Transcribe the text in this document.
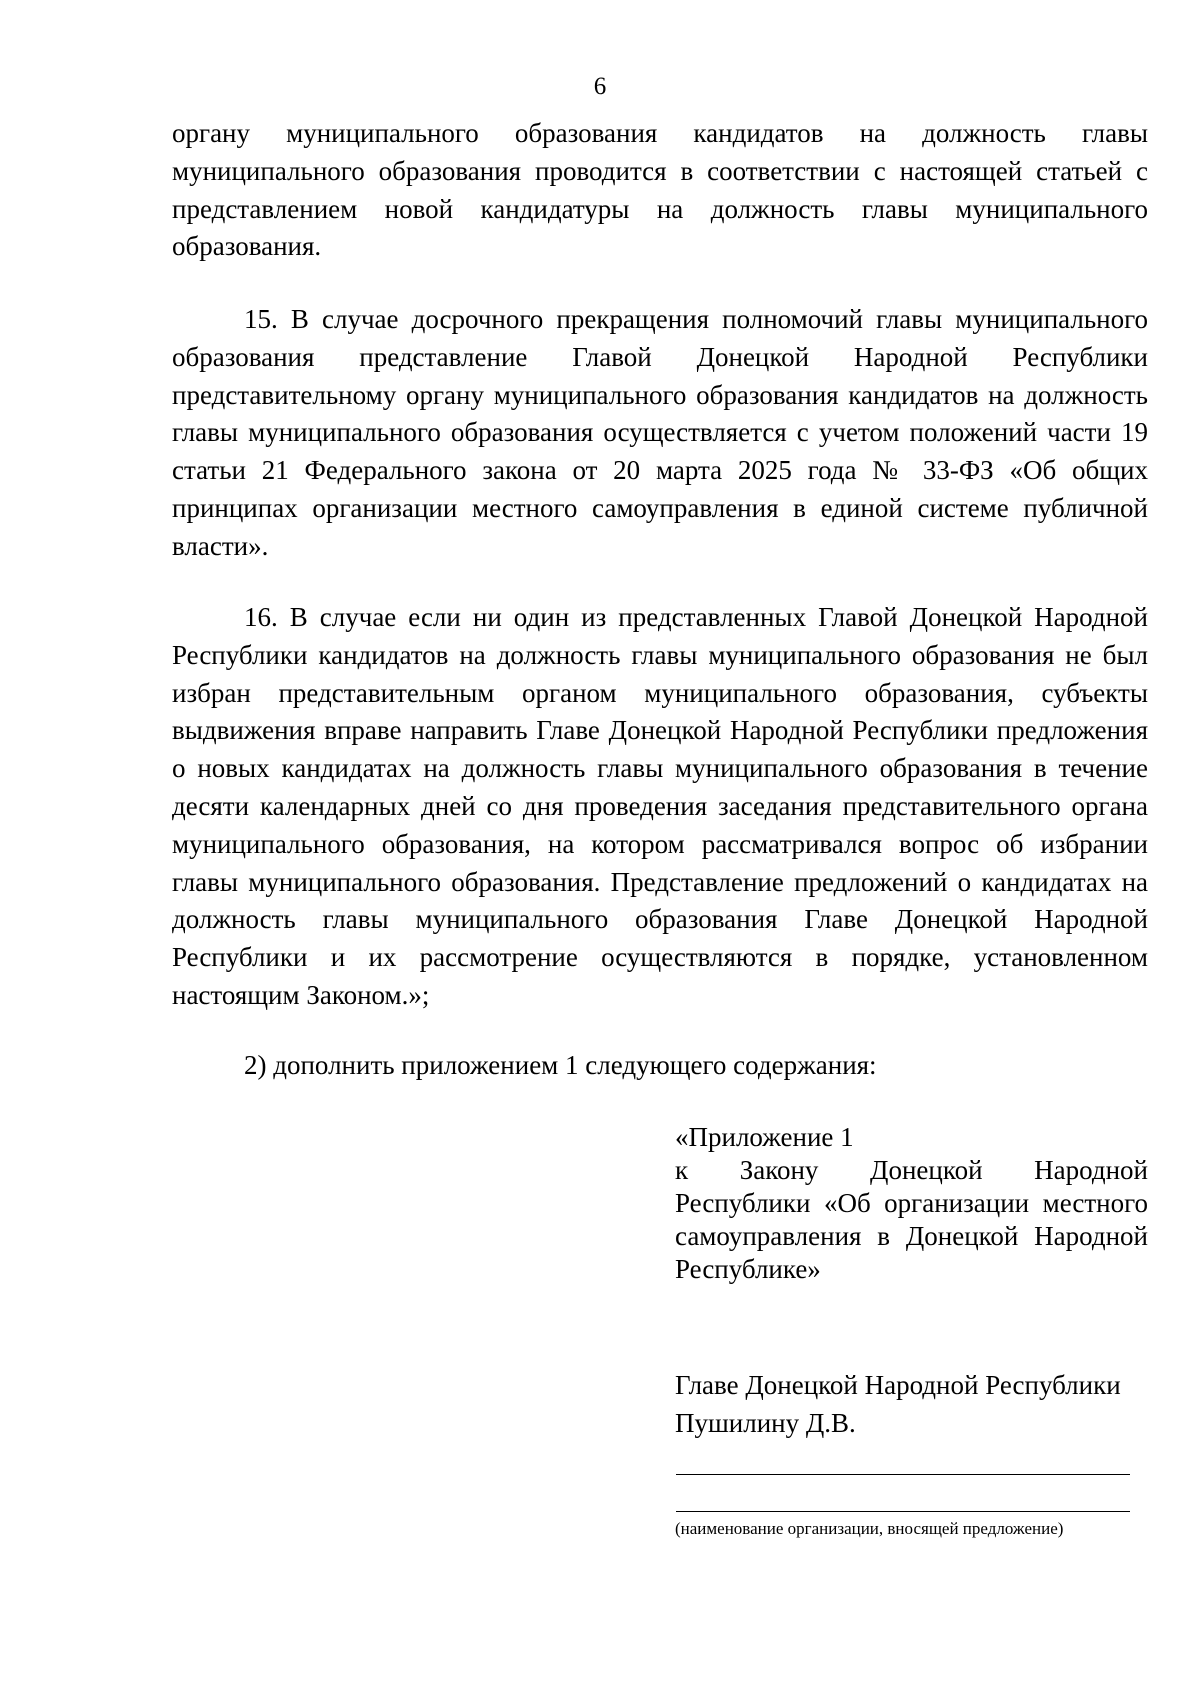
6

органу муниципального образования кандидатов на должность главы муниципального образования проводится в соответствии с настоящей статьей с представлением новой кандидатуры на должность главы муниципального образования.

15. В случае досрочного прекращения полномочий главы муниципального образования представление Главой Донецкой Народной Республики представительному органу муниципального образования кандидатов на должность главы муниципального образования осуществляется с учетом положений части 19 статьи 21 Федерального закона от 20 марта 2025 года № 33-ФЗ «Об общих принципах организации местного самоуправления в единой системе публичной власти».

16. В случае если ни один из представленных Главой Донецкой Народной Республики кандидатов на должность главы муниципального образования не был избран представительным органом муниципального образования, субъекты выдвижения вправе направить Главе Донецкой Народной Республики предложения о новых кандидатах на должность главы муниципального образования в течение десяти календарных дней со дня проведения заседания представительного органа муниципального образования, на котором рассматривался вопрос об избрании главы муниципального образования. Представление предложений о кандидатах на должность главы муниципального образования Главе Донецкой Народной Республики и их рассмотрение осуществляются в порядке, установленном настоящим Законом.»;

2) дополнить приложением 1 следующего содержания:

«Приложение 1

к Закону Донецкой Народной Республики «Об организации местного самоуправления в Донецкой Народной Республике»

Главе Донецкой Народной Республики

Пушилину Д.В.

(наименование организации, вносящей предложение)
